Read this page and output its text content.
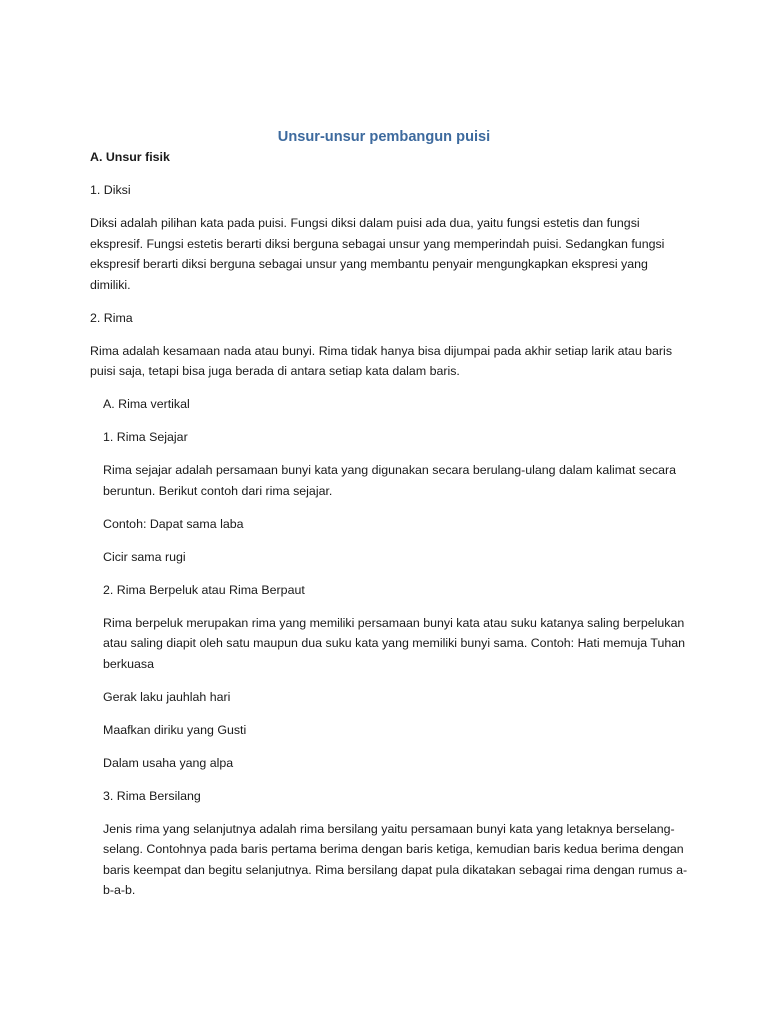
Unsur-unsur pembangun puisi
A. Unsur fisik

1. Diksi

Diksi adalah pilihan kata pada puisi. Fungsi diksi dalam puisi ada dua, yaitu fungsi estetis dan fungsi ekspresif. Fungsi estetis berarti diksi berguna sebagai unsur yang memperindah puisi. Sedangkan fungsi ekspresif berarti diksi berguna sebagai unsur yang membantu penyair mengungkapkan ekspresi yang dimiliki.

2. Rima

Rima adalah kesamaan nada atau bunyi. Rima tidak hanya bisa dijumpai pada akhir setiap larik atau baris puisi saja, tetapi bisa juga berada di antara setiap kata dalam baris.

A. Rima vertikal

1. Rima Sejajar

Rima sejajar adalah persamaan bunyi kata yang digunakan secara berulang-ulang dalam kalimat secara beruntun. Berikut contoh dari rima sejajar.

Contoh: Dapat sama laba

Cicir sama rugi

2. Rima Berpeluk atau Rima Berpaut

Rima berpeluk merupakan rima yang memiliki persamaan bunyi kata atau suku katanya saling berpelukan atau saling diapit oleh satu maupun dua suku kata yang memiliki bunyi sama. Contoh: Hati memuja Tuhan berkuasa

Gerak laku jauhlah hari

Maafkan diriku yang Gusti

Dalam usaha yang alpa

3. Rima Bersilang

Jenis rima yang selanjutnya adalah rima bersilang yaitu persamaan bunyi kata yang letaknya berselang-selang. Contohnya pada baris pertama berima dengan baris ketiga, kemudian baris kedua berima dengan baris keempat dan begitu selanjutnya. Rima bersilang dapat pula dikatakan sebagai rima dengan rumus a-b-a-b.
